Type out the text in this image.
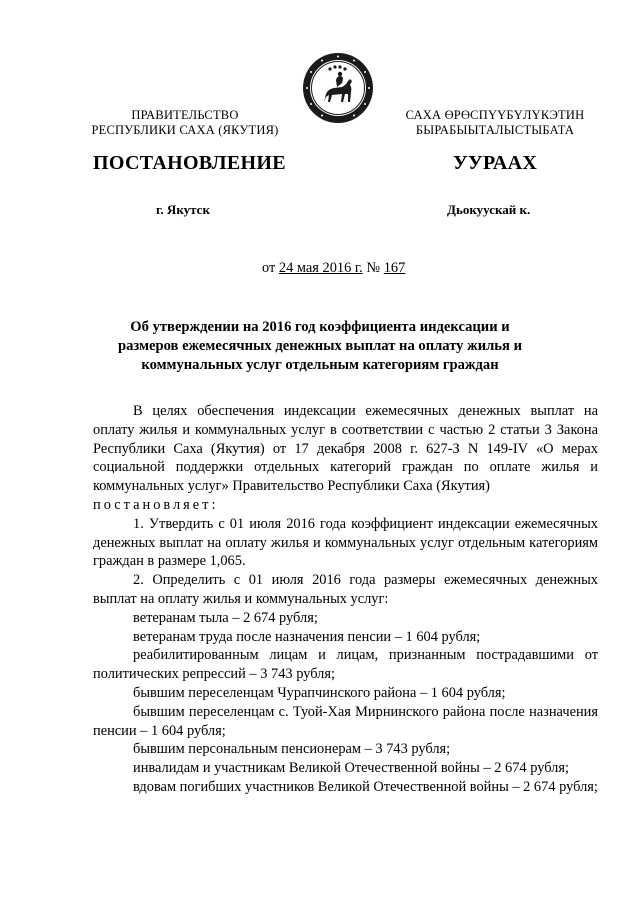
ПРАВИТЕЛЬСТВО
РЕСПУБЛИКИ САХА (ЯКУТИЯ)
САХА ӨРӨСПҮҮБҮЛҮКЭТИН
БЫРАБЫЫТАЛЫСТЫБАТА
ПОСТАНОВЛЕНИЕ	УУРААХ
г. Якутск	Дьокуускай к.
от 24 мая 2016 г. № 167
Об утверждении на 2016 год коэффициента индексации и размеров ежемесячных денежных выплат на оплату жилья и коммунальных услуг отдельным категориям граждан

В целях обеспечения индексации ежемесячных денежных выплат на оплату жилья и коммунальных услуг в соответствии с частью 2 статьи 3 Закона Республики Саха (Якутия) от 17 декабря 2008 г. 627-З N 149-IV «О мерах социальной поддержки отдельных категорий граждан по оплате жилья и коммунальных услуг» Правительство Республики Саха (Якутия)

постановляет:

1. Утвердить с 01 июля 2016 года коэффициент индексации ежемесячных денежных выплат на оплату жилья и коммунальных услуг отдельным категориям граждан в размере 1,065.

2. Определить с 01 июля 2016 года размеры ежемесячных денежных выплат на оплату жилья и коммунальных услуг:

ветеранам тыла – 2 674 рубля;

ветеранам труда после назначения пенсии – 1 604 рубля;

реабилитированным лицам и лицам, признанным пострадавшими от политических репрессий – 3 743 рубля;

бывшим переселенцам Чурапчинского района – 1 604 рубля;

бывшим переселенцам с. Туой-Хая Мирнинского района после назначения пенсии – 1 604 рубля;

бывшим персональным пенсионерам – 3 743 рубля;

инвалидам и участникам Великой Отечественной войны – 2 674 рубля;

вдовам погибших участников Великой Отечественной войны – 2 674 рубля;
